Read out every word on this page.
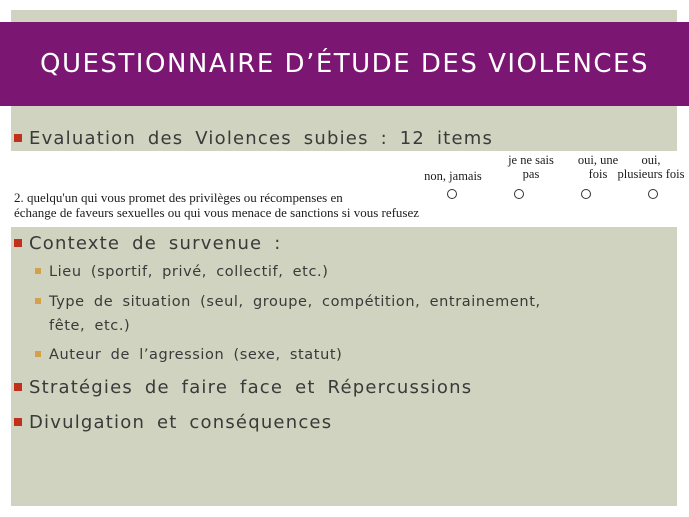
QUESTIONNAIRE D’ÉTUDE DES VIOLENCES
Evaluation des Violences subies : 12 items
non, jamais
je ne sais
pas
oui, une
fois
oui,
plusieurs fois
2. quelqu'un qui vous promet des privilèges ou récompenses en
échange de faveurs sexuelles ou qui vous menace de sanctions si vous refusez
Contexte de survenue :
Lieu (sportif, privé, collectif, etc.)
Type de situation (seul, groupe, compétition, entrainement,
fête, etc.)
Auteur de l’agression (sexe, statut)
Stratégies de faire face et Répercussions
Divulgation et conséquences
